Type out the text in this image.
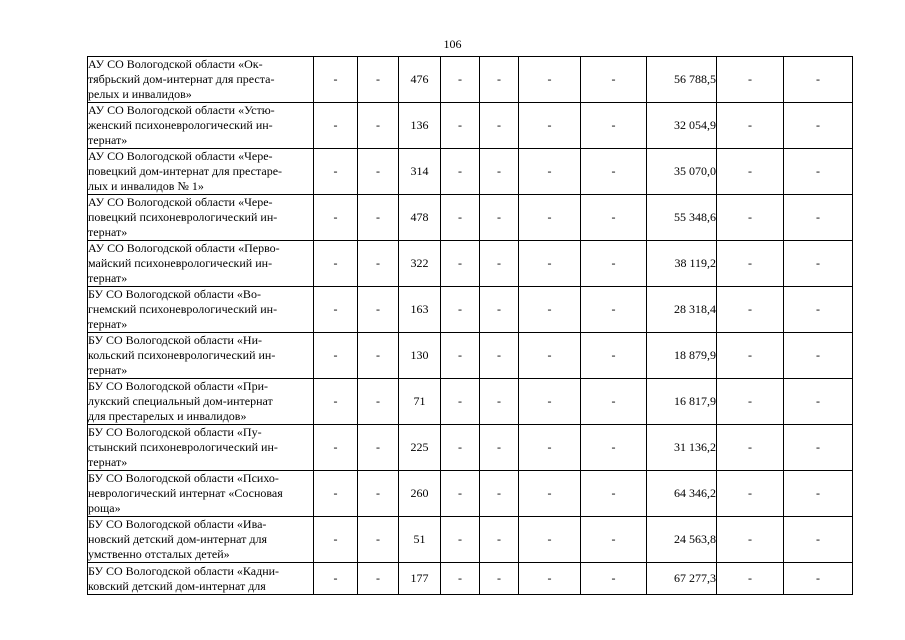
106
АУ СО Вологодской области «Ок-
тябрьский дом-интернат для преста-
релых и инвалидов»	-	-	476	-	-	-	-	56 788,5	-	-
АУ СО Вологодской области «Устю-
женский психоневрологический ин-
тернат»	-	-	136	-	-	-	-	32 054,9	-	-
АУ СО Вологодской области «Чере-
повецкий дом-интернат для престаре-
лых и инвалидов № 1»	-	-	314	-	-	-	-	35 070,0	-	-
АУ СО Вологодской области «Чере-
повецкий психоневрологический ин-
тернат»	-	-	478	-	-	-	-	55 348,6	-	-
АУ СО Вологодской области «Перво-
майский психоневрологический ин-
тернат»	-	-	322	-	-	-	-	38 119,2	-	-
БУ СО Вологодской области «Во-
гнемский психоневрологический ин-
тернат»	-	-	163	-	-	-	-	28 318,4	-	-
БУ СО Вологодской области «Ни-
кольский психоневрологический ин-
тернат»	-	-	130	-	-	-	-	18 879,9	-	-
БУ СО Вологодской области «При-
лукский специальный дом-интернат
для престарелых и инвалидов»	-	-	71	-	-	-	-	16 817,9	-	-
БУ СО Вологодской области «Пу-
стынский психоневрологический ин-
тернат»	-	-	225	-	-	-	-	31 136,2	-	-
БУ СО Вологодской области «Психо-
неврологический интернат «Сосновая
роща»	-	-	260	-	-	-	-	64 346,2	-	-
БУ СО Вологодской области «Ива-
новский детский дом-интернат для
умственно отсталых детей»	-	-	51	-	-	-	-	24 563,8	-	-
БУ СО Вологодской области «Кадни-
ковский детский дом-интернат для	-	-	177	-	-	-	-	67 277,3	-	-
